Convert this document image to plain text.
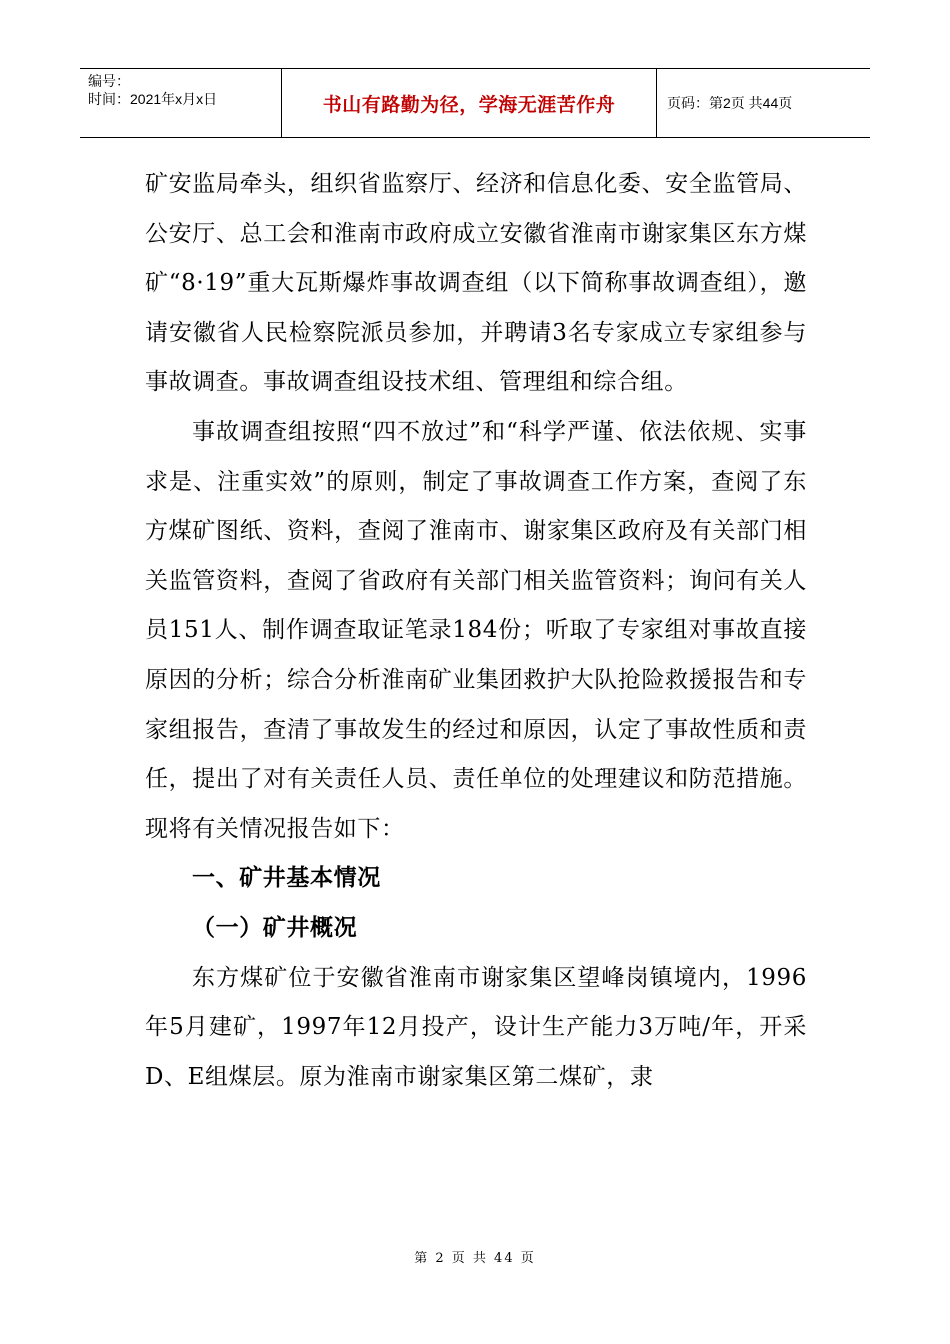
编号：
时间：2021年x月x日	书山有路勤为径，学海无涯苦作舟	页码：第2页 共44页

矿安监局牵头，组织省监察厅、经济和信息化委、安全监管局、公安厅、总工会和淮南市政府成立安徽省淮南市谢家集区东方煤矿“8·19”重大瓦斯爆炸事故调查组（以下简称事故调查组），邀请安徽省人民检察院派员参加，并聘请3名专家成立专家组参与事故调查。事故调查组设技术组、管理组和综合组。

事故调查组按照“四不放过”和“科学严谨、依法依规、实事求是、注重实效”的原则，制定了事故调查工作方案，查阅了东方煤矿图纸、资料，查阅了淮南市、谢家集区政府及有关部门相关监管资料，查阅了省政府有关部门相关监管资料；询问有关人员151人、制作调查取证笔录184份；听取了专家组对事故直接原因的分析；综合分析淮南矿业集团救护大队抢险救援报告和专家组报告，查清了事故发生的经过和原因，认定了事故性质和责任，提出了对有关责任人员、责任单位的处理建议和防范措施。现将有关情况报告如下：

一、矿井基本情况

（一）矿井概况

东方煤矿位于安徽省淮南市谢家集区望峰岗镇境内，1996年5月建矿，1997年12月投产，设计生产能力3万吨/年，开采D、E组煤层。原为淮南市谢家集区第二煤矿，隶

第 2 页 共 44 页
